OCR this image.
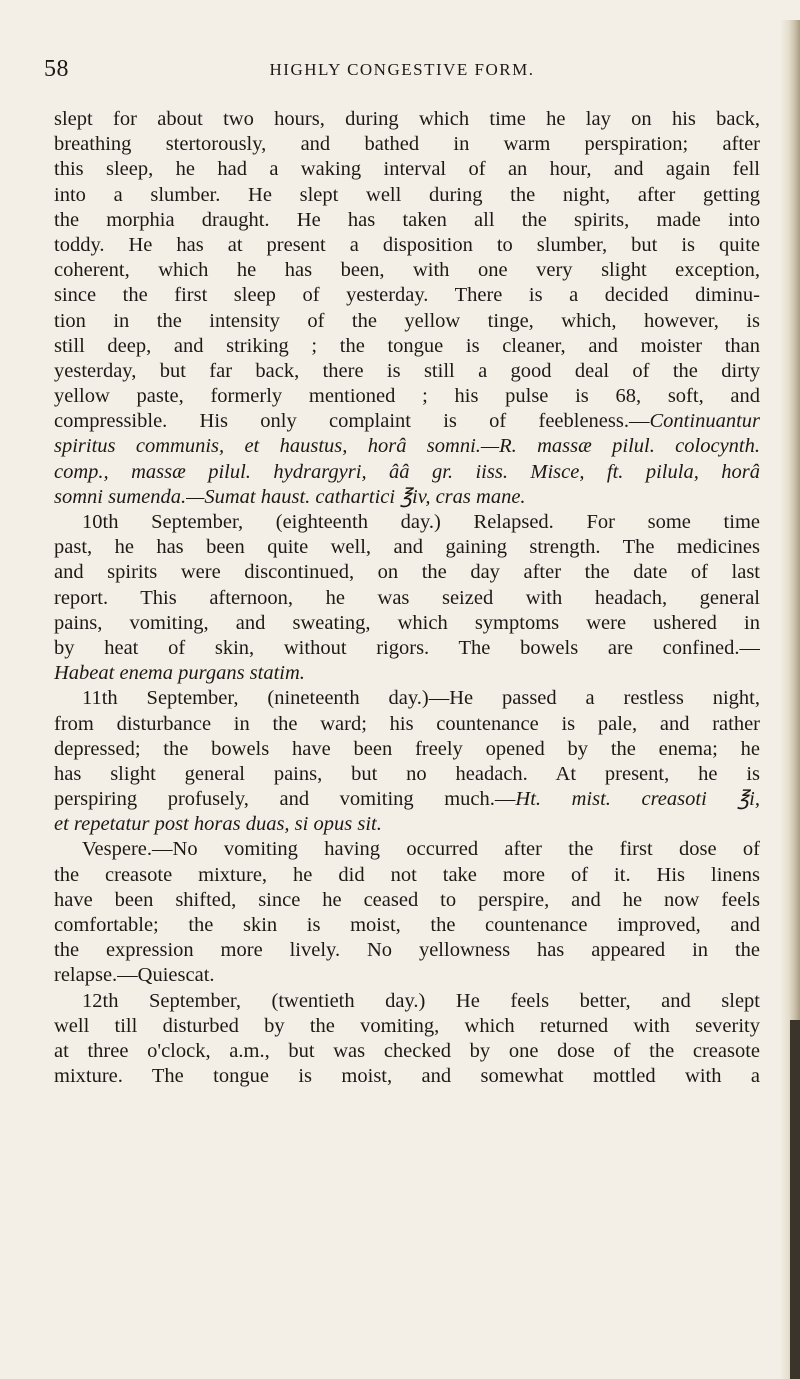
58	HIGHLY CONGESTIVE FORM.
slept for about two hours, during which time he lay on his back,
breathing stertorously, and bathed in warm perspiration; after
this sleep, he had a waking interval of an hour, and again fell
into a slumber. He slept well during the night, after getting
the morphia draught. He has taken all the spirits, made into
toddy. He has at present a disposition to slumber, but is quite
coherent, which he has been, with one very slight exception,
since the first sleep of yesterday. There is a decided diminu-
tion in the intensity of the yellow tinge, which, however, is
still deep, and striking ; the tongue is cleaner, and moister than
yesterday, but far back, there is still a good deal of the dirty
yellow paste, formerly mentioned ; his pulse is 68, soft, and
compressible. His only complaint is of feebleness.—Continuantur
spiritus communis, et haustus, horâ somni.—R. massæ pilul. colocynth.
comp., massæ pilul. hydrargyri, ââ gr. iiss. Misce, ft. pilula, horâ
somni sumenda.—Sumat haust. cathartici ℥iv, cras mane.
10th September, (eighteenth day.) Relapsed. For some time
past, he has been quite well, and gaining strength. The medicines
and spirits were discontinued, on the day after the date of last
report. This afternoon, he was seized with headach, general
pains, vomiting, and sweating, which symptoms were ushered in
by heat of skin, without rigors. The bowels are confined.—
Habeat enema purgans statim.
11th September, (nineteenth day.)—He passed a restless night,
from disturbance in the ward; his countenance is pale, and rather
depressed; the bowels have been freely opened by the enema; he
has slight general pains, but no headach. At present, he is
perspiring profusely, and vomiting much.—Ht. mist. creasoti ℥i,
et repetatur post horas duas, si opus sit.
Vespere.—No vomiting having occurred after the first dose of
the creasote mixture, he did not take more of it. His linens
have been shifted, since he ceased to perspire, and he now feels
comfortable; the skin is moist, the countenance improved, and
the expression more lively. No yellowness has appeared in the
relapse.—Quiescat.
12th September, (twentieth day.) He feels better, and slept
well till disturbed by the vomiting, which returned with severity
at three o'clock, a.m., but was checked by one dose of the creasote
mixture. The tongue is moist, and somewhat mottled with a
